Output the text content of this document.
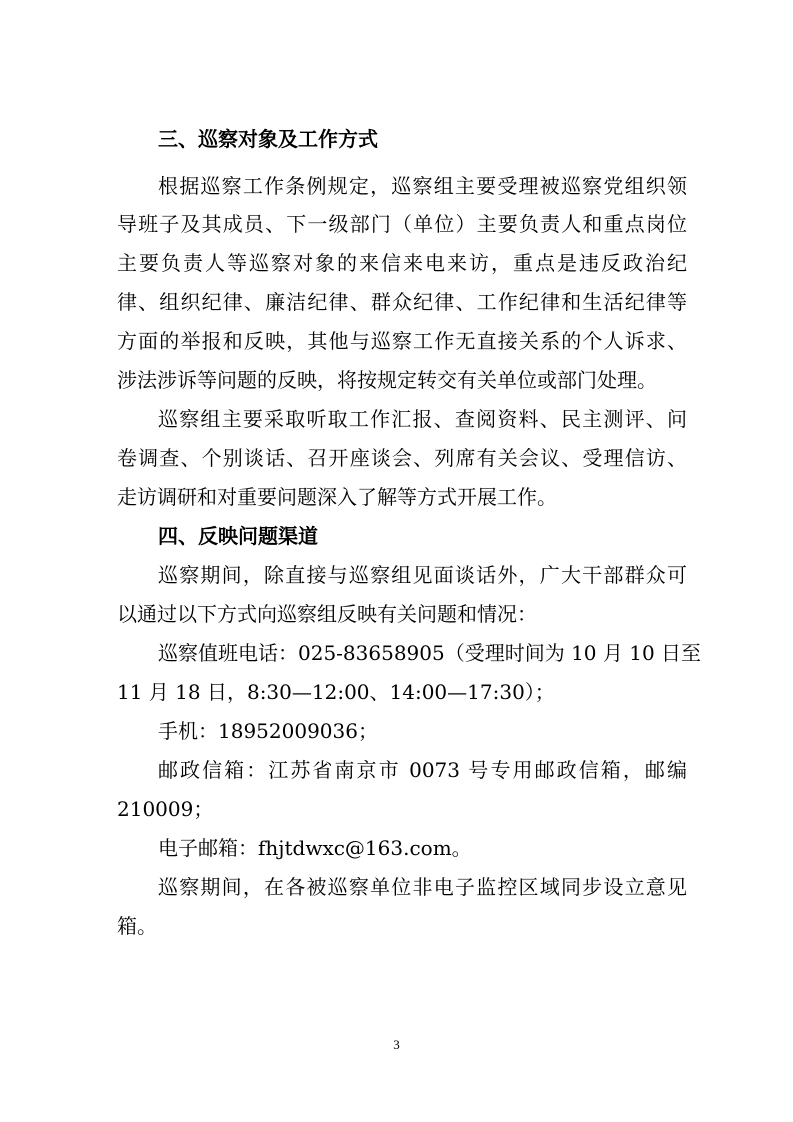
三、巡察对象及工作方式
根据巡察工作条例规定，巡察组主要受理被巡察党组织领
导班子及其成员、下一级部门（单位）主要负责人和重点岗位
主要负责人等巡察对象的来信来电来访，重点是违反政治纪
律、组织纪律、廉洁纪律、群众纪律、工作纪律和生活纪律等
方面的举报和反映，其他与巡察工作无直接关系的个人诉求、
涉法涉诉等问题的反映，将按规定转交有关单位或部门处理。
巡察组主要采取听取工作汇报、查阅资料、民主测评、问
卷调查、个别谈话、召开座谈会、列席有关会议、受理信访、
走访调研和对重要问题深入了解等方式开展工作。
四、反映问题渠道
巡察期间，除直接与巡察组见面谈话外，广大干部群众可
以通过以下方式向巡察组反映有关问题和情况：
巡察值班电话：025-83658905（受理时间为 10 月 10 日至
11 月 18 日，8:30—12:00、14:00—17:30）；
手机：18952009036；
邮政信箱：江苏省南京市 0073 号专用邮政信箱，邮编
210009；
电子邮箱：fhjtdwxc@163.com。
巡察期间，在各被巡察单位非电子监控区域同步设立意见
箱。
3
